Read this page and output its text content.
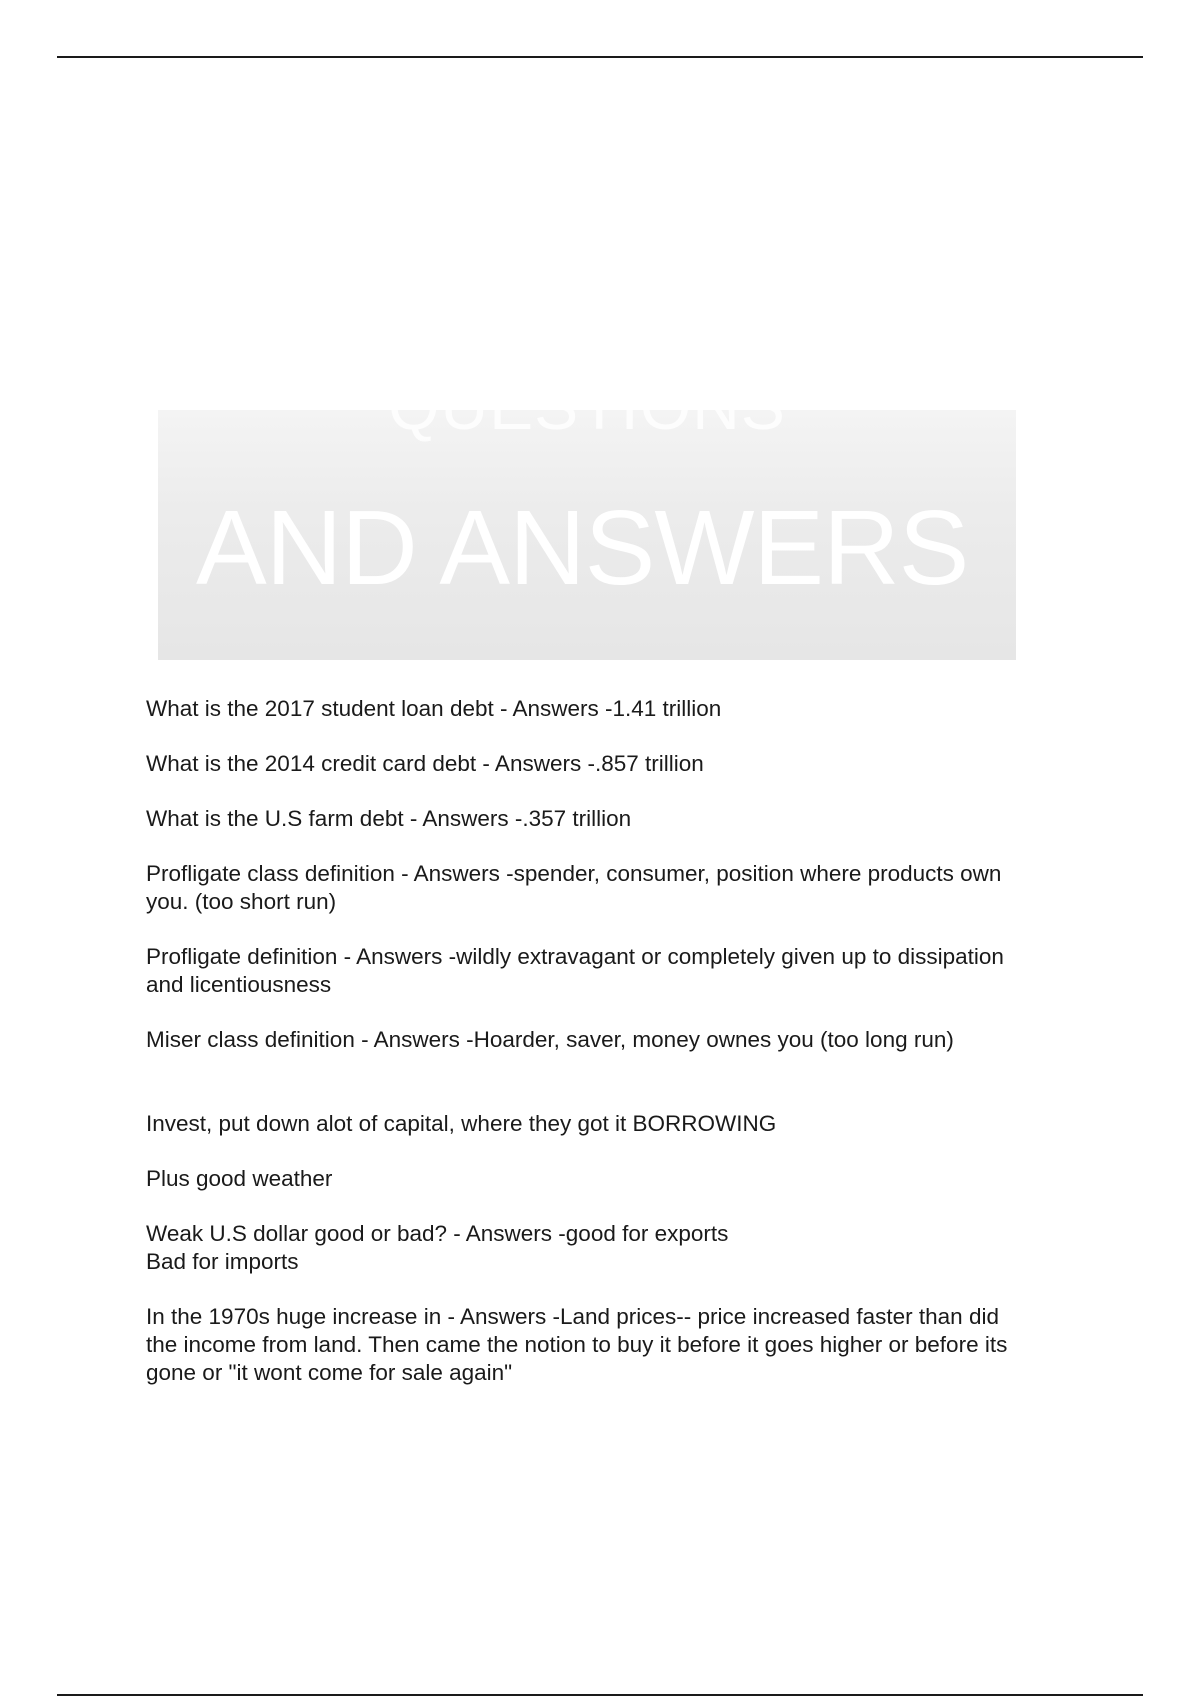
QUESTIONS
AND ANSWERS

What is the 2017 student loan debt - Answers -1.41 trillion

What is the 2014 credit card debt - Answers -.857 trillion

What is the U.S farm debt - Answers -.357 trillion

Profligate class definition - Answers -spender, consumer, position where products own
you. (too short run)

Profligate definition - Answers -wildly extravagant or completely given up to dissipation
and licentiousness

Miser class definition - Answers -Hoarder, saver, money ownes you (too long run)

Invest, put down alot of capital, where they got it BORROWING

Plus good weather

Weak U.S dollar good or bad? - Answers -good for exports
Bad for imports

In the 1970s huge increase in - Answers -Land prices-- price increased faster than did
the income from land. Then came the notion to buy it before it goes higher or before its
gone or "it wont come for sale again"
